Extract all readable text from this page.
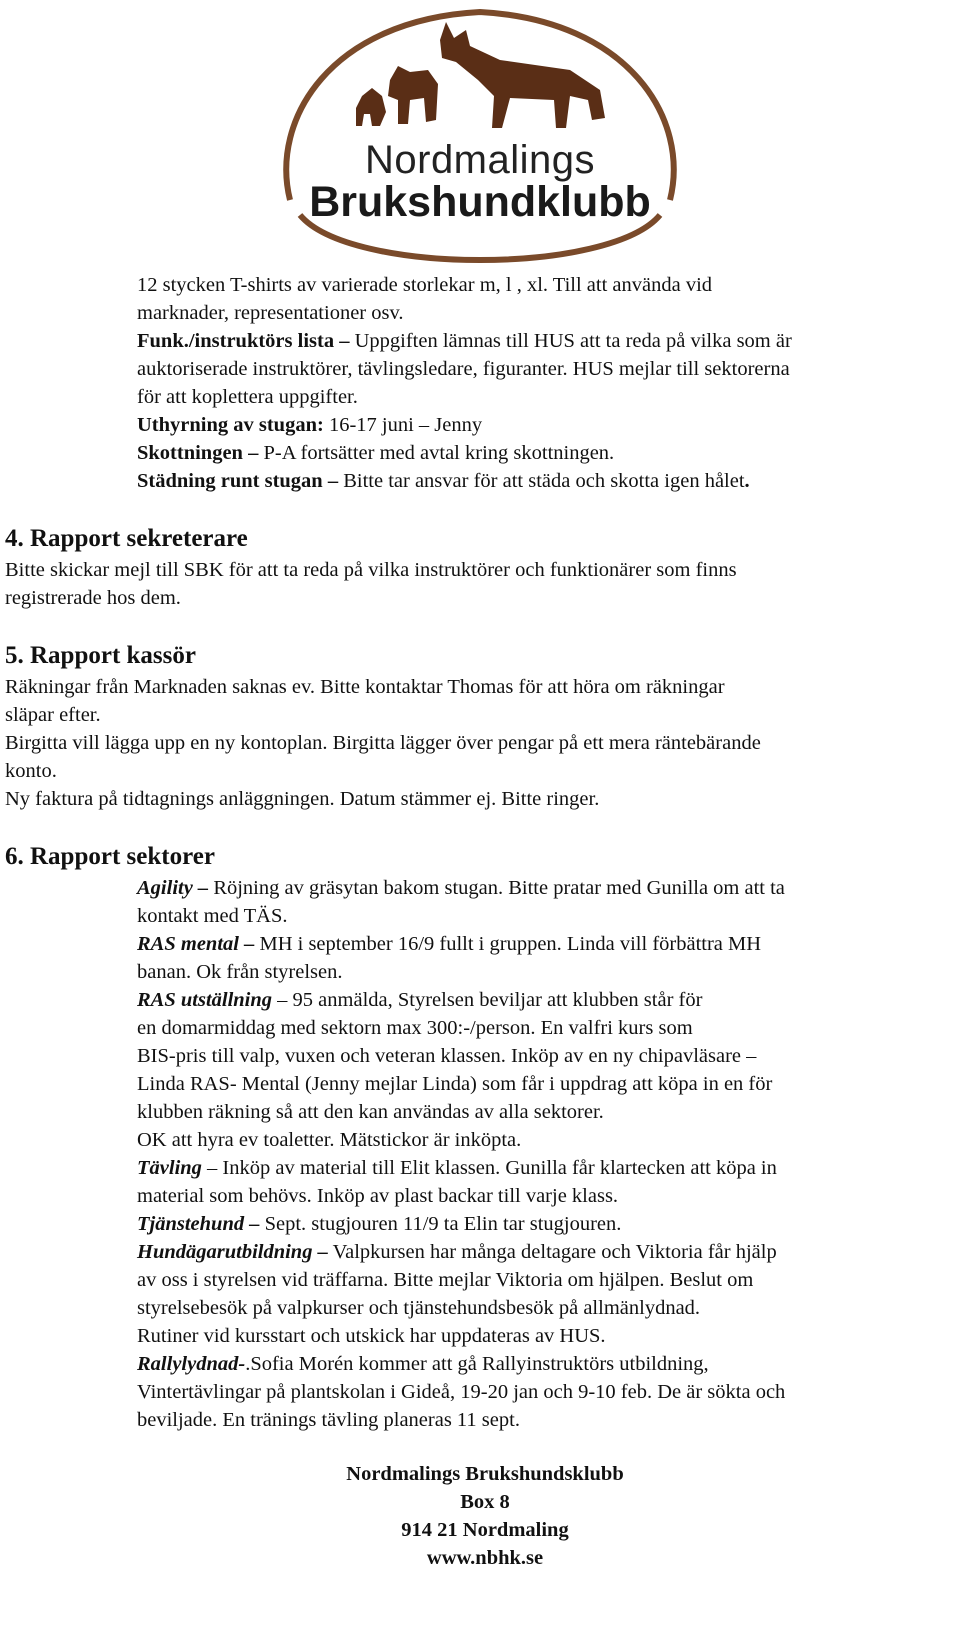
Nordmalings
Brukshundklubb
12 stycken T-shirts av varierade storlekar m, l , xl. Till att använda vid
marknader, representationer osv.
Funk./instruktörs lista – Uppgiften lämnas till HUS att ta reda på vilka som är
auktoriserade instruktörer, tävlingsledare, figuranter. HUS mejlar till sektorerna
för att koplettera uppgifter.
Uthyrning av stugan: 16-17 juni – Jenny
Skottningen – P-A fortsätter med avtal kring skottningen.
Städning runt stugan – Bitte tar ansvar för att städa och skotta igen hålet.
4. Rapport sekreterare
Bitte skickar mejl till SBK för att ta reda på vilka instruktörer och funktionärer som finns
registrerade hos dem.
5. Rapport kassör
Räkningar från Marknaden saknas ev. Bitte kontaktar Thomas för att höra om räkningar
släpar efter.
Birgitta vill lägga upp en ny kontoplan. Birgitta lägger över pengar på ett mera räntebärande
konto.
Ny faktura på tidtagnings anläggningen. Datum stämmer ej. Bitte ringer.
6. Rapport sektorer
Agility – Röjning av gräsytan bakom stugan. Bitte pratar med Gunilla om att ta
kontakt med TÄS.
RAS mental – MH i september 16/9 fullt i gruppen. Linda vill förbättra MH
banan. Ok från styrelsen.
RAS utställning – 95 anmälda, Styrelsen beviljar att klubben står för
en domarmiddag med sektorn max 300:-/person. En valfri kurs som
BIS-pris till valp, vuxen och veteran klassen. Inköp av en ny chipavläsare –
Linda RAS- Mental (Jenny mejlar Linda) som får i uppdrag att köpa in en för
klubben räkning så att den kan användas av alla sektorer.
OK att hyra ev toaletter. Mätstickor är inköpta.
Tävling – Inköp av material till Elit klassen. Gunilla får klartecken att köpa in
material som behövs. Inköp av plast backar till varje klass.
Tjänstehund – Sept. stugjouren 11/9 ta Elin tar stugjouren.
Hundägarutbildning – Valpkursen har många deltagare och Viktoria får hjälp
av oss i styrelsen vid träffarna. Bitte mejlar Viktoria om hjälpen. Beslut om
styrelsebesök på valpkurser och tjänstehundsbesök på allmänlydnad.
Rutiner vid kursstart och utskick har uppdateras av HUS.
Rallylydnad-.Sofia Morén kommer att gå Rallyinstruktörs utbildning,
Vintertävlingar på plantskolan i Gideå, 19-20 jan och 9-10 feb. De är sökta och
beviljade. En tränings tävling planeras 11 sept.
Nordmalings Brukshundsklubb
Box 8
914 21 Nordmaling
www.nbhk.se
